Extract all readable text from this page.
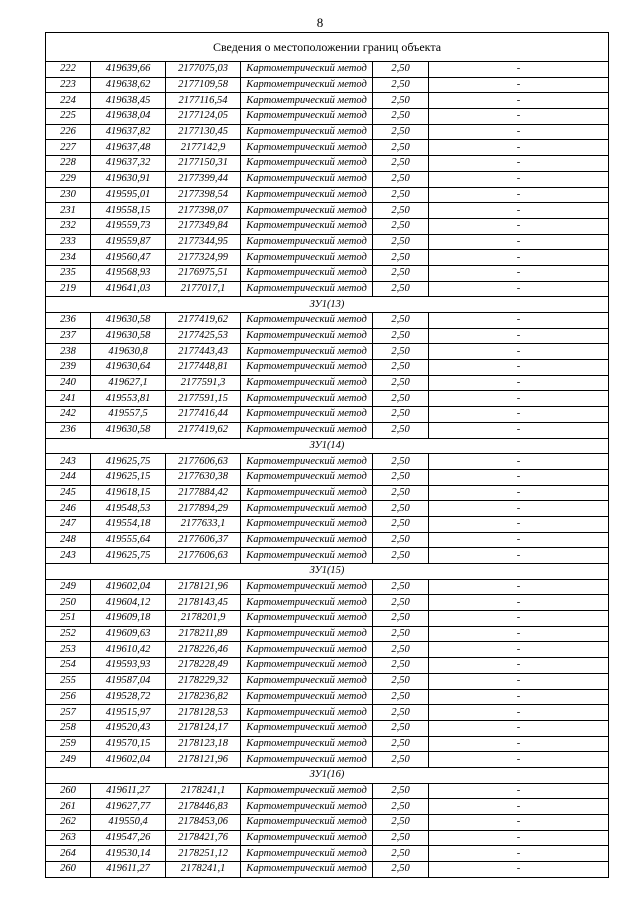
8
Сведения о местоположении границ объекта					
222	419639,66	2177075,03	Картометрический метод	2,50	-
223	419638,62	2177109,58	Картометрический метод	2,50	-
224	419638,45	2177116,54	Картометрический метод	2,50	-
225	419638,04	2177124,05	Картометрический метод	2,50	-
226	419637,82	2177130,45	Картометрический метод	2,50	-
227	419637,48	2177142,9	Картометрический метод	2,50	-
228	419637,32	2177150,31	Картометрический метод	2,50	-
229	419630,91	2177399,44	Картометрический метод	2,50	-
230	419595,01	2177398,54	Картометрический метод	2,50	-
231	419558,15	2177398,07	Картометрический метод	2,50	-
232	419559,73	2177349,84	Картометрический метод	2,50	-
233	419559,87	2177344,95	Картометрический метод	2,50	-
234	419560,47	2177324,99	Картометрический метод	2,50	-
235	419568,93	2176975,51	Картометрический метод	2,50	-
219	419641,03	2177017,1	Картометрический метод	2,50	-
ЗУ1(13)					
236	419630,58	2177419,62	Картометрический метод	2,50	-
237	419630,58	2177425,53	Картометрический метод	2,50	-
238	419630,8	2177443,43	Картометрический метод	2,50	-
239	419630,64	2177448,81	Картометрический метод	2,50	-
240	419627,1	2177591,3	Картометрический метод	2,50	-
241	419553,81	2177591,15	Картометрический метод	2,50	-
242	419557,5	2177416,44	Картометрический метод	2,50	-
236	419630,58	2177419,62	Картометрический метод	2,50	-
ЗУ1(14)					
243	419625,75	2177606,63	Картометрический метод	2,50	-
244	419625,15	2177630,38	Картометрический метод	2,50	-
245	419618,15	2177884,42	Картометрический метод	2,50	-
246	419548,53	2177894,29	Картометрический метод	2,50	-
247	419554,18	2177633,1	Картометрический метод	2,50	-
248	419555,64	2177606,37	Картометрический метод	2,50	-
243	419625,75	2177606,63	Картометрический метод	2,50	-
ЗУ1(15)					
249	419602,04	2178121,96	Картометрический метод	2,50	-
250	419604,12	2178143,45	Картометрический метод	2,50	-
251	419609,18	2178201,9	Картометрический метод	2,50	-
252	419609,63	2178211,89	Картометрический метод	2,50	-
253	419610,42	2178226,46	Картометрический метод	2,50	-
254	419593,93	2178228,49	Картометрический метод	2,50	-
255	419587,04	2178229,32	Картометрический метод	2,50	-
256	419528,72	2178236,82	Картометрический метод	2,50	-
257	419515,97	2178128,53	Картометрический метод	2,50	-
258	419520,43	2178124,17	Картометрический метод	2,50	-
259	419570,15	2178123,18	Картометрический метод	2,50	-
249	419602,04	2178121,96	Картометрический метод	2,50	-
ЗУ1(16)					
260	419611,27	2178241,1	Картометрический метод	2,50	-
261	419627,77	2178446,83	Картометрический метод	2,50	-
262	419550,4	2178453,06	Картометрический метод	2,50	-
263	419547,26	2178421,76	Картометрический метод	2,50	-
264	419530,14	2178251,12	Картометрический метод	2,50	-
260	419611,27	2178241,1	Картометрический метод	2,50	-
